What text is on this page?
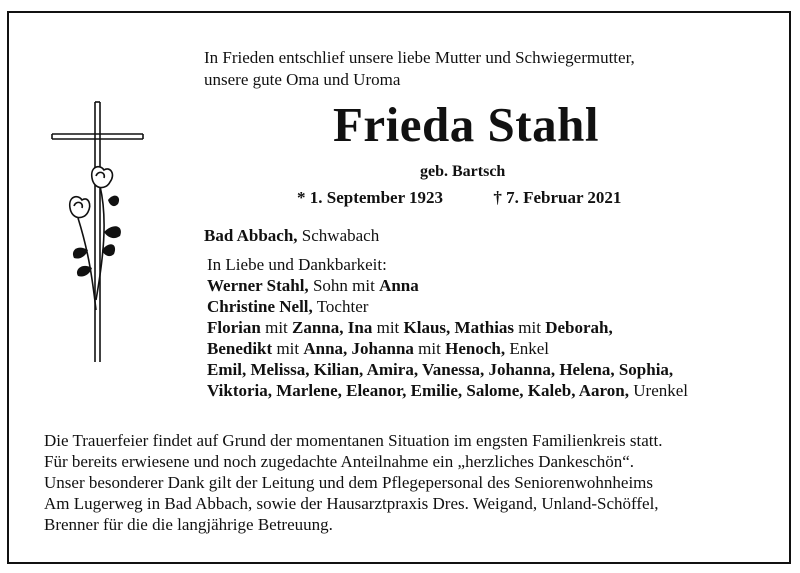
In Frieden entschlief unsere liebe Mutter und Schwiegermutter,
unsere gute Oma und Uroma
Frieda Stahl
geb. Bartsch
* 1. September 1923	† 7. Februar 2021
Bad Abbach, Schwabach
In Liebe und Dankbarkeit:
Werner Stahl, Sohn mit Anna
Christine Nell, Tochter
Florian mit Zanna, Ina mit Klaus, Mathias mit Deborah,
Benedikt mit Anna, Johanna mit Henoch, Enkel
Emil, Melissa, Kilian, Amira, Vanessa, Johanna, Helena, Sophia,
Viktoria, Marlene, Eleanor, Emilie, Salome, Kaleb, Aaron, Urenkel
Die Trauerfeier findet auf Grund der momentanen Situation im engsten Familienkreis statt.
Für bereits erwiesene und noch zugedachte Anteilnahme ein „herzliches Dankeschön“.
Unser besonderer Dank gilt der Leitung und dem Pflegepersonal des Seniorenwohnheims
Am Lugerweg in Bad Abbach, sowie der Hausarztpraxis Dres. Weigand, Unland-Schöffel,
Brenner für die die langjährige Betreuung.
